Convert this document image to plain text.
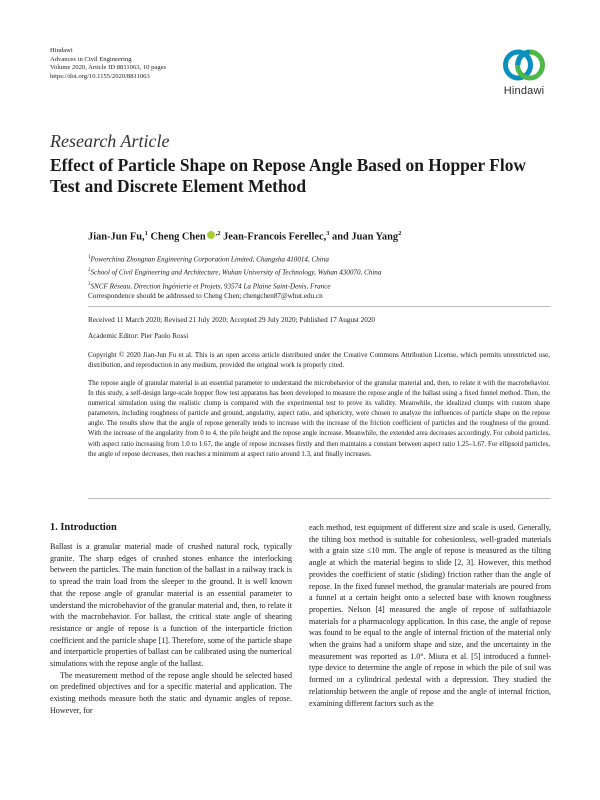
Hindawi
Advances in Civil Engineering
Volume 2020, Article ID 8811063, 10 pages
https://doi.org/10.1155/2020/8811063
Hindawi
Research Article
Effect of Particle Shape on Repose Angle Based on Hopper Flow Test and Discrete Element Method
Jian-Jun Fu,$^1$ Cheng Chen $^{,2}$ Jean-Francois Ferellec,$^3$ and Juan Yang$^2$
$^1$Powerchina Zhongnan Engineering Corporation Limited, Changsha 410014, China
$^2$School of Civil Engineering and Architecture, Wuhan University of Technology, Wuhan 430070, China
$^3$SNCF Réseau, Direction Ingénierie et Projets, 93574 La Plaine Saint-Denis, France
Correspondence should be addressed to Cheng Chen; chengchen87@whut.edu.cn
Received 11 March 2020; Revised 21 July 2020; Accepted 29 July 2020; Published 17 August 2020
Academic Editor: Pier Paolo Rossi
Copyright © 2020 Jian-Jun Fu et al. This is an open access article distributed under the Creative Commons Attribution License, which permits unrestricted use, distribution, and reproduction in any medium, provided the original work is properly cited.
The repose angle of granular material is an essential parameter to understand the microbehavior of the granular material and, then, to relate it with the macrobehavior. In this study, a self-design large-scale hopper flow test apparatus has been developed to measure the repose angle of the ballast using a fixed funnel method. Then, the numerical simulation using the realistic clump is compared with the experimental test to prove its validity. Meanwhile, the idealized clumps with custom shape parameters, including roughness of particle and ground, angularity, aspect ratio, and sphericity, were chosen to analyze the influences of particle shape on the repose angle. The results show that the angle of repose generally tends to increase with the increase of the friction coefficient of particles and the roughness of the ground. With the increase of the angularity from 0 to 4, the pile height and the repose angle increase. Meanwhile, the extended area decreases accordingly. For cuboid particles, with aspect ratio increasing from 1.0 to 1.67, the angle of repose increases firstly and then maintains a constant between aspect ratio 1.25–1.67. For ellipsoid particles, the angle of repose decreases, then reaches a minimum at aspect ratio around 1.3, and finally increases.
1. Introduction

Ballast is a granular material made of crushed natural rock, typically granite. The sharp edges of crushed stones enhance the interlocking between the particles. The main function of the ballast in a railway track is to spread the train load from the sleeper to the ground. It is well known that the repose angle of granular material is an essential parameter to understand the microbehavior of the granular material and, then, to relate it with the macrobehavior. For ballast, the critical state angle of shearing resistance or angle of repose is a function of the interparticle friction coefficient and the particle shape [1]. Therefore, some of the particle shape and interparticle properties of ballast can be calibrated using the numerical simulations with the repose angle of the ballast.

The measurement method of the repose angle should be selected based on predefined objectives and for a specific material and application. The existing methods measure both the static and dynamic angles of repose. However, for

each method, test equipment of different size and scale is used. Generally, the tilting box method is suitable for cohesionless, well-graded materials with a grain size ≤10 mm. The angle of repose is measured as the tilting angle at which the material begins to slide [2, 3]. However, this method provides the coefficient of static (sliding) friction rather than the angle of repose. In the fixed funnel method, the granular materials are poured from a funnel at a certain height onto a selected base with known roughness properties. Nelson [4] measured the angle of repose of sulfathiazole materials for a pharmacology application. In this case, the angle of repose was found to be equal to the angle of internal friction of the material only when the grains had a uniform shape and size, and the uncertainty in the measurement was reported as 1.0°. Miura et al. [5] introduced a funnel-type device to determine the angle of repose in which the pile of soil was formed on a cylindrical pedestal with a depression. They studied the relationship between the angle of repose and the angle of internal friction, examining different factors such as the
